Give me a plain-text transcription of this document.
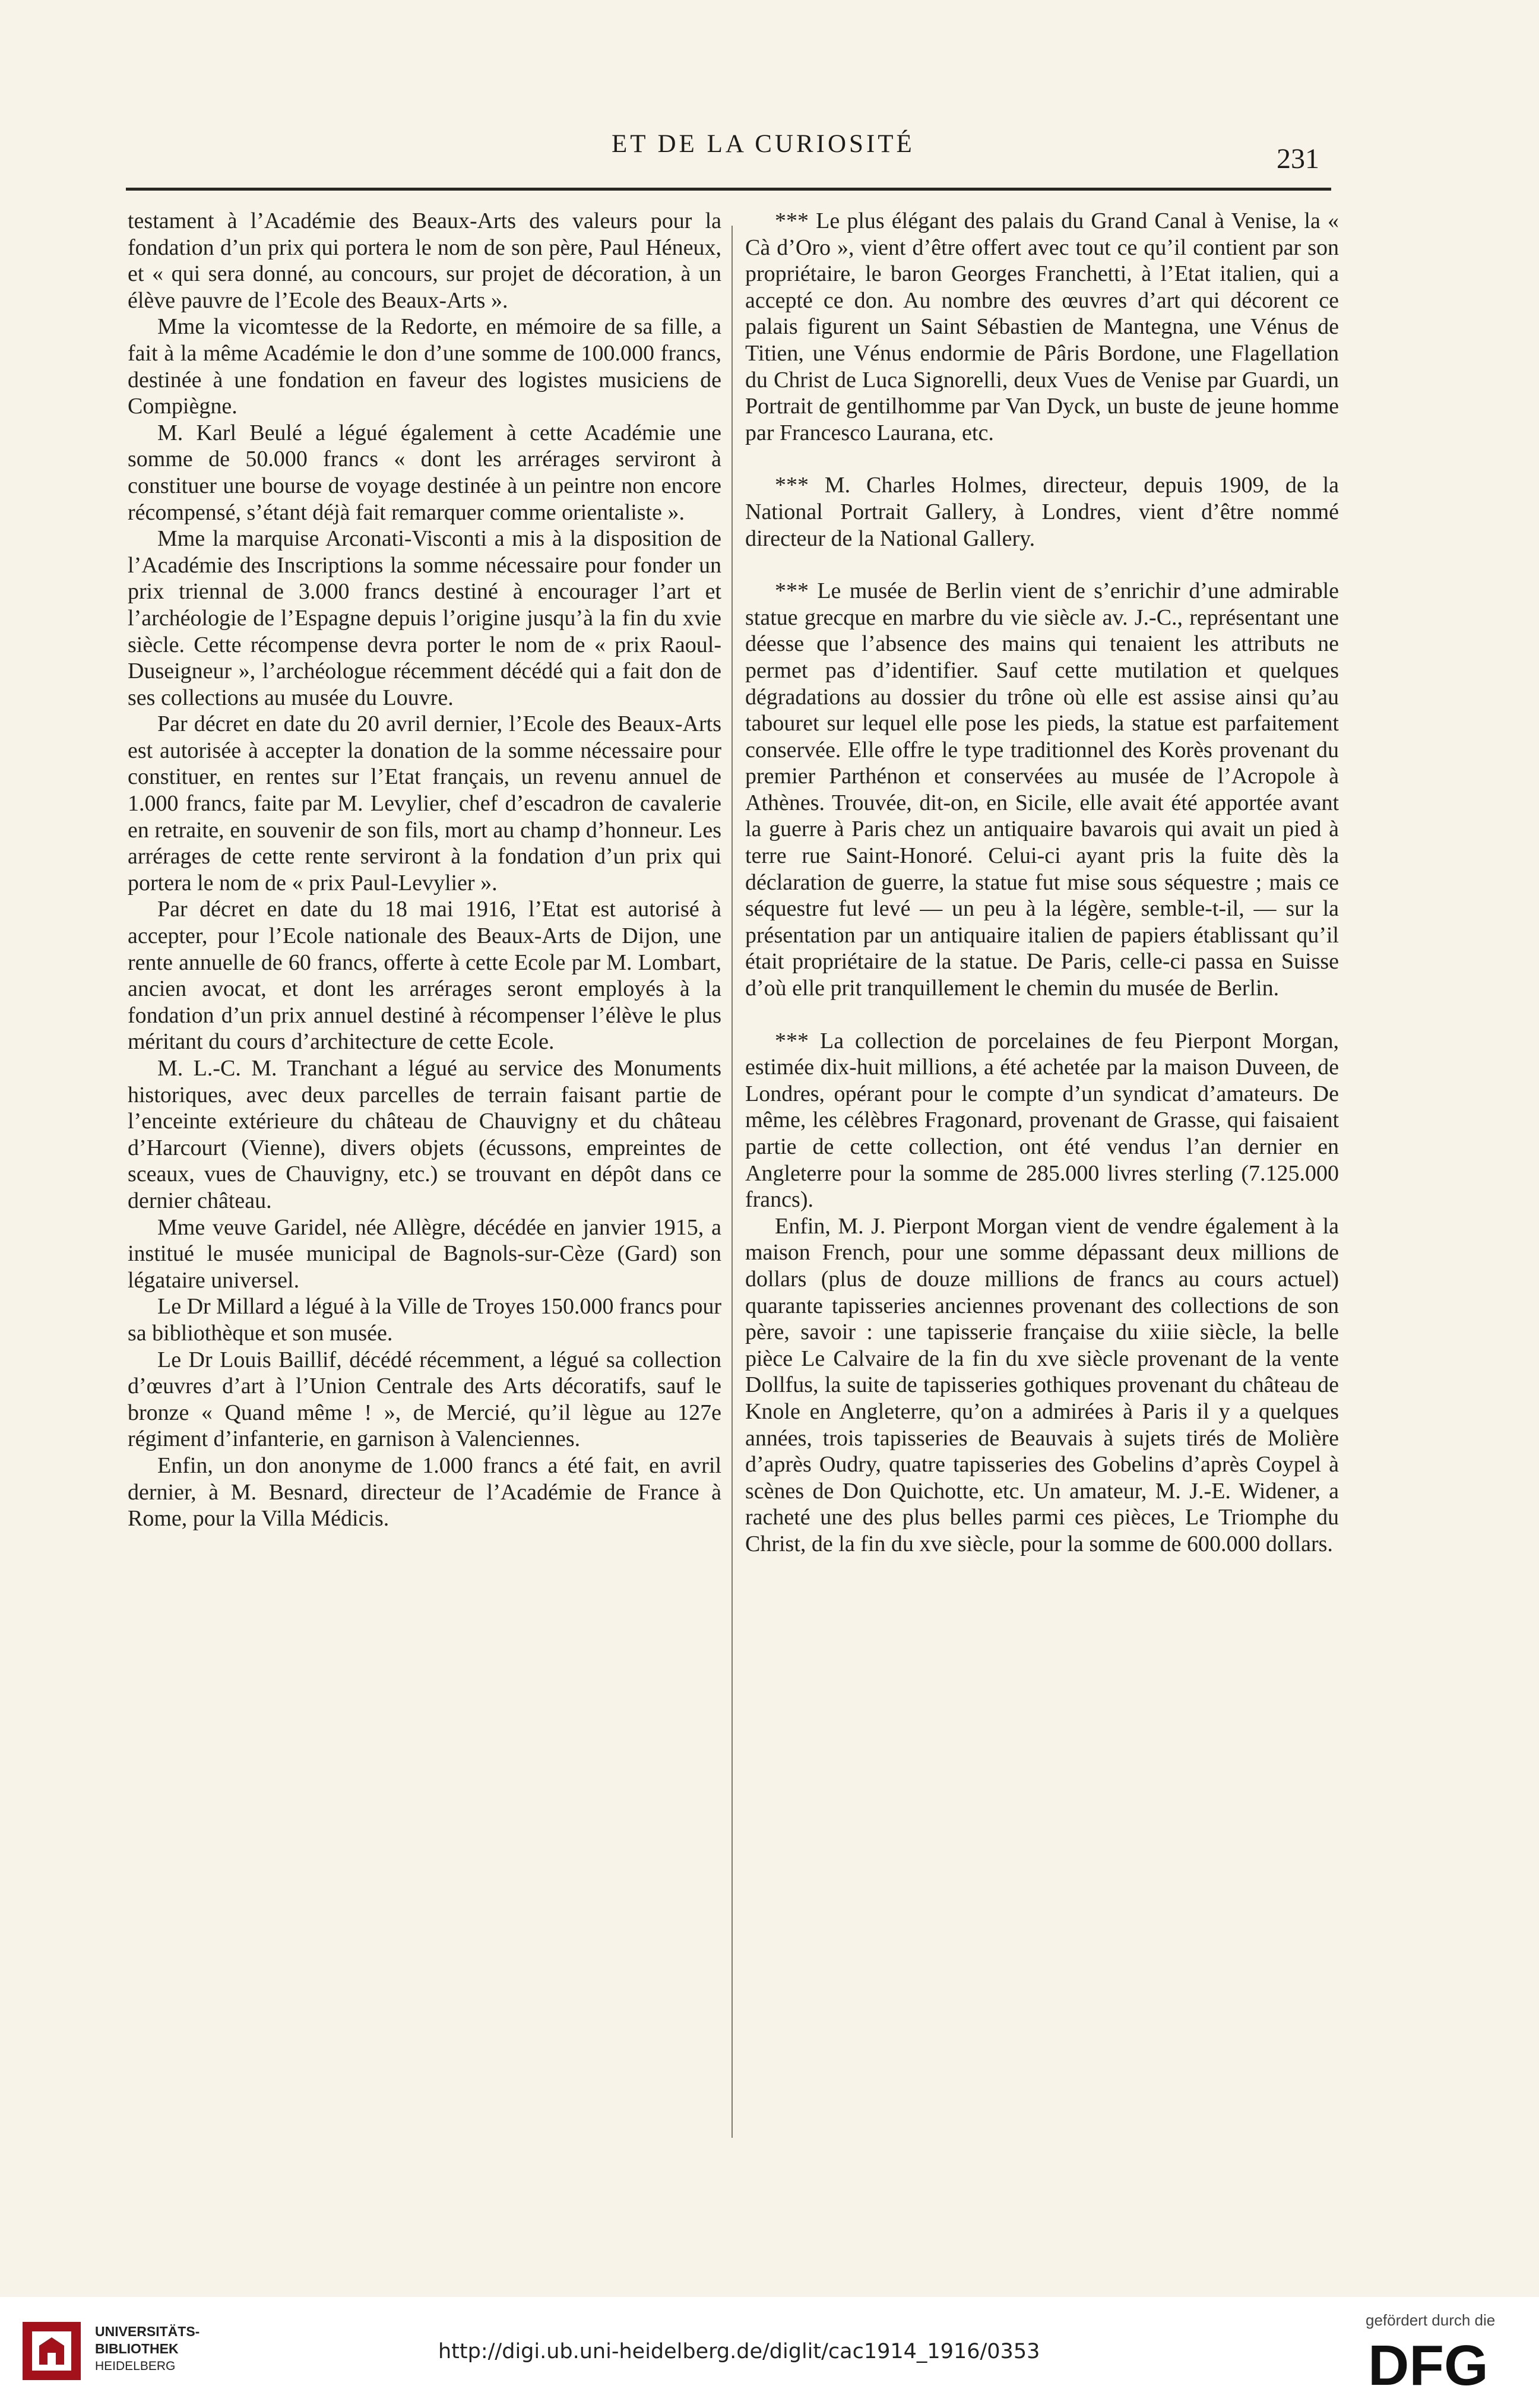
ET DE LA CURIOSITÉ	231

testament à l’Académie des Beaux-Arts des valeurs pour la fondation d’un prix qui portera le nom de son père, Paul Héneux, et « qui sera donné, au concours, sur projet de décoration, à un élève pauvre de l’Ecole des Beaux-Arts ».

Mme la vicomtesse de la Redorte, en mémoire de sa fille, a fait à la même Académie le don d’une somme de 100.000 francs, destinée à une fondation en faveur des logistes musiciens de Compiègne.

M. Karl Beulé a légué également à cette Académie une somme de 50.000 francs « dont les arrérages serviront à constituer une bourse de voyage destinée à un peintre non encore récompensé, s’étant déjà fait remarquer comme orientaliste ».

Mme la marquise Arconati-Visconti a mis à la disposition de l’Académie des Inscriptions la somme nécessaire pour fonder un prix triennal de 3.000 francs destiné à encourager l’art et l’archéologie de l’Espagne depuis l’origine jusqu’à la fin du xvie siècle. Cette récompense devra porter le nom de « prix Raoul-Duseigneur », l’archéologue récemment décédé qui a fait don de ses collections au musée du Louvre.

Par décret en date du 20 avril dernier, l’Ecole des Beaux-Arts est autorisée à accepter la donation de la somme nécessaire pour constituer, en rentes sur l’Etat français, un revenu annuel de 1.000 francs, faite par M. Levylier, chef d’escadron de cavalerie en retraite, en souvenir de son fils, mort au champ d’honneur. Les arrérages de cette rente serviront à la fondation d’un prix qui portera le nom de « prix Paul-Levylier ».

Par décret en date du 18 mai 1916, l’Etat est autorisé à accepter, pour l’Ecole nationale des Beaux-Arts de Dijon, une rente annuelle de 60 francs, offerte à cette Ecole par M. Lombart, ancien avocat, et dont les arrérages seront employés à la fondation d’un prix annuel destiné à récompenser l’élève le plus méritant du cours d’architecture de cette Ecole.

M. L.-C. M. Tranchant a légué au service des Monuments historiques, avec deux parcelles de terrain faisant partie de l’enceinte extérieure du château de Chauvigny et du château d’Harcourt (Vienne), divers objets (écussons, empreintes de sceaux, vues de Chauvigny, etc.) se trouvant en dépôt dans ce dernier château.

Mme veuve Garidel, née Allègre, décédée en janvier 1915, a institué le musée municipal de Bagnols-sur-Cèze (Gard) son légataire universel.

Le Dr Millard a légué à la Ville de Troyes 150.000 francs pour sa bibliothèque et son musée.

Le Dr Louis Baillif, décédé récemment, a légué sa collection d’œuvres d’art à l’Union Centrale des Arts décoratifs, sauf le bronze « Quand même ! », de Mercié, qu’il lègue au 127e régiment d’infanterie, en garnison à Valenciennes.

Enfin, un don anonyme de 1.000 francs a été fait, en avril dernier, à M. Besnard, directeur de l’Académie de France à Rome, pour la Villa Médicis.

*** Le plus élégant des palais du Grand Canal à Venise, la « Cà d’Oro », vient d’être offert avec tout ce qu’il contient par son propriétaire, le baron Georges Franchetti, à l’Etat italien, qui a accepté ce don. Au nombre des œuvres d’art qui décorent ce palais figurent un Saint Sébastien de Mantegna, une Vénus de Titien, une Vénus endormie de Pâris Bordone, une Flagellation du Christ de Luca Signorelli, deux Vues de Venise par Guardi, un Portrait de gentilhomme par Van Dyck, un buste de jeune homme par Francesco Laurana, etc.

*** M. Charles Holmes, directeur, depuis 1909, de la National Portrait Gallery, à Londres, vient d’être nommé directeur de la National Gallery.

*** Le musée de Berlin vient de s’enrichir d’une admirable statue grecque en marbre du vie siècle av. J.-C., représentant une déesse que l’absence des mains qui tenaient les attributs ne permet pas d’identifier. Sauf cette mutilation et quelques dégradations au dossier du trône où elle est assise ainsi qu’au tabouret sur lequel elle pose les pieds, la statue est parfaitement conservée. Elle offre le type traditionnel des Korès provenant du premier Parthénon et conservées au musée de l’Acropole à Athènes. Trouvée, dit-on, en Sicile, elle avait été apportée avant la guerre à Paris chez un antiquaire bavarois qui avait un pied à terre rue Saint-Honoré. Celui-ci ayant pris la fuite dès la déclaration de guerre, la statue fut mise sous séquestre ; mais ce séquestre fut levé — un peu à la légère, semble-t-il, — sur la présentation par un antiquaire italien de papiers établissant qu’il était propriétaire de la statue. De Paris, celle-ci passa en Suisse d’où elle prit tranquillement le chemin du musée de Berlin.

*** La collection de porcelaines de feu Pierpont Morgan, estimée dix-huit millions, a été achetée par la maison Duveen, de Londres, opérant pour le compte d’un syndicat d’amateurs. De même, les célèbres Fragonard, provenant de Grasse, qui faisaient partie de cette collection, ont été vendus l’an dernier en Angleterre pour la somme de 285.000 livres sterling (7.125.000 francs).

Enfin, M. J. Pierpont Morgan vient de vendre également à la maison French, pour une somme dépassant deux millions de dollars (plus de douze millions de francs au cours actuel) quarante tapisseries anciennes provenant des collections de son père, savoir : une tapisserie française du xiiie siècle, la belle pièce Le Calvaire de la fin du xve siècle provenant de la vente Dollfus, la suite de tapisseries gothiques provenant du château de Knole en Angleterre, qu’on a admirées à Paris il y a quelques années, trois tapisseries de Beauvais à sujets tirés de Molière d’après Oudry, quatre tapisseries des Gobelins d’après Coypel à scènes de Don Quichotte, etc. Un amateur, M. J.-E. Widener, a racheté une des plus belles parmi ces pièces, Le Triomphe du Christ, de la fin du xve siècle, pour la somme de 600.000 dollars.

UNIVERSITÄTS-
BIBLIOTHEK
HEIDELBERG
http://digi.ub.uni-heidelberg.de/diglit/cac1914_1916/0353
gefördert durch die
DFG
